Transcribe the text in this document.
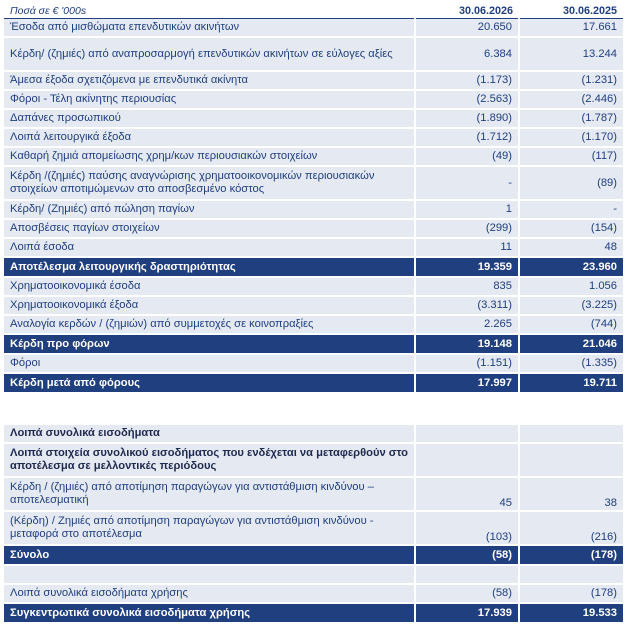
Ποσά σε € '000s	30.06.2026	30.06.2025
Έσοδα από μισθώματα επενδυτικών ακινήτων	20.650	17.661
Κέρδη/ (ζημιές) από αναπροσαρμογή επενδυτικών ακινήτων σε εύλογες αξίες	6.384	13.244
Άμεσα έξοδα σχετιζόμενα με επενδυτικά ακίνητα	(1.173)	(1.231)
Φόροι - Τέλη ακίνητης περιουσίας	(2.563)	(2.446)
Δαπάνες προσωπικού	(1.890)	(1.787)
Λοιπά λειτουργικά έξοδα	(1.712)	(1.170)
Καθαρή ζημιά απομείωσης χρημ/κων περιουσιακών στοιχείων	(49)	(117)
Κέρδη /(ζημιές) παύσης αναγνώρισης χρηματοοικονομικών περιουσιακών στοιχείων αποτιμώμενων στο αποσβεσμένο κόστος	-	(89)
Κέρδη/ (Ζημιές) από πώληση παγίων	1	-
Αποσβέσεις παγίων στοιχείων	(299)	(154)
Λοιπά έσοδα	11	48
Αποτέλεσμα λειτουργικής δραστηριότητας	19.359	23.960
Χρηματοοικονομικά έσοδα	835	1.056
Χρηματοοικονομικά έξοδα	(3.311)	(3.225)
Αναλογία κερδών / (ζημιών) από συμμετοχές σε κοινοπραξίες	2.265	(744)
Κέρδη προ φόρων	19.148	21.046
Φόροι	(1.151)	(1.335)
Κέρδη μετά από φόρους	17.997	19.711
Λοιπά συνολικά εισοδήματα		
Λοιπά στοιχεία συνολικού εισοδήματος που ενδέχεται να μεταφερθούν στο αποτέλεσμα σε μελλοντικές περιόδους		
Κέρδη / (ζημιές) από αποτίμηση παραγώγων για αντιστάθμιση κινδύνου – αποτελεσματική	45	38
(Κέρδη) / Ζημιές από αποτίμηση παραγώγων για αντιστάθμιση κινδύνου - μεταφορά στο αποτέλεσμα	(103)	(216)
Σύνολο	(58)	(178)

Λοιπά συνολικά εισοδήματα χρήσης	(58)	(178)
Συγκεντρωτικά συνολικά εισοδήματα χρήσης	17.939	19.533
